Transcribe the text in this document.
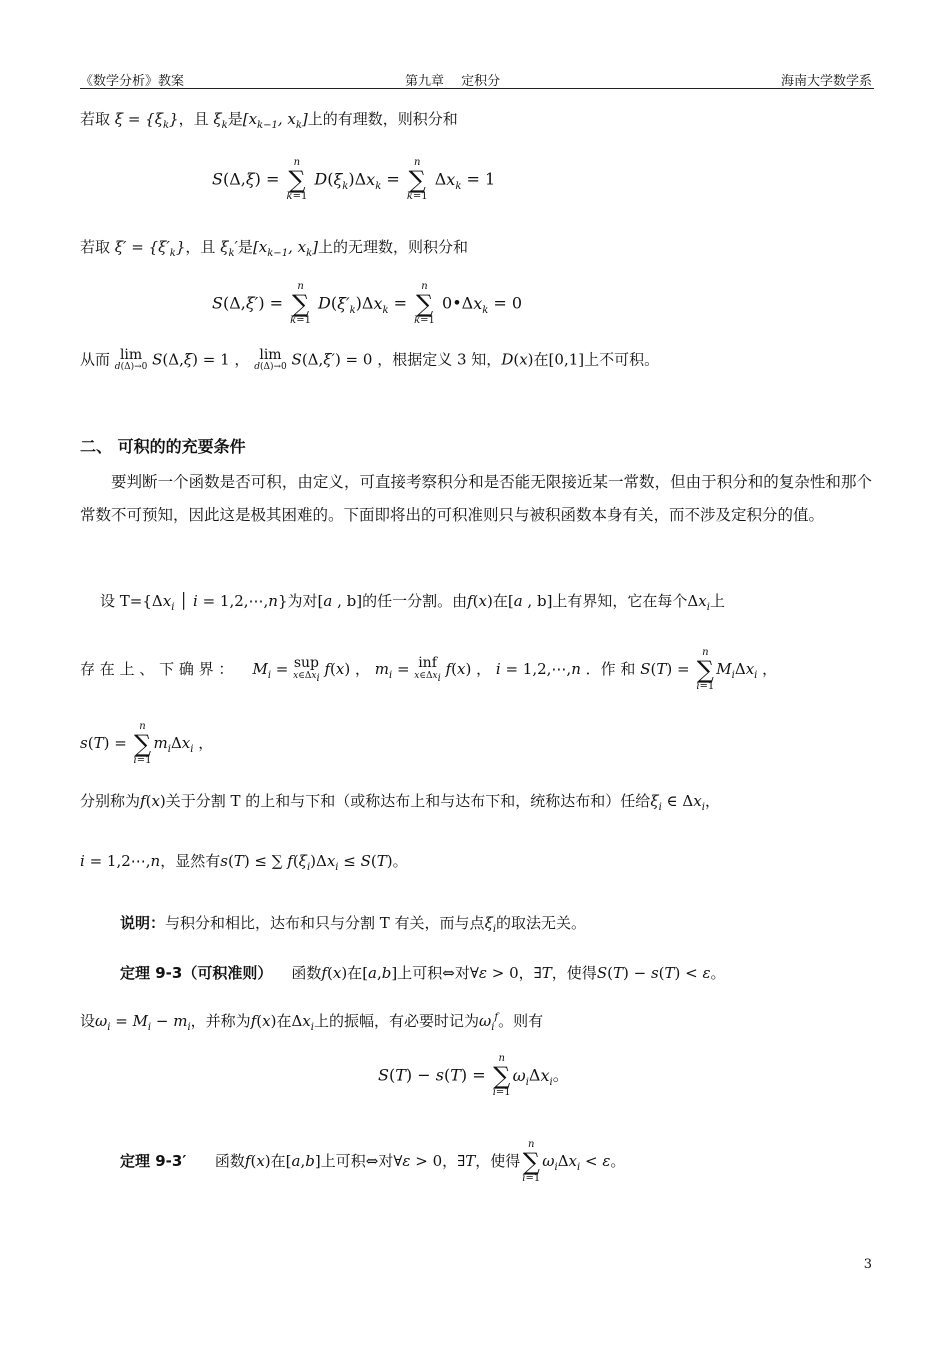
《数学分析》教案	第九章　 定积分	海南大学数学系
若取 $\xi = \{\xi_k\}$，且 $\xi_k$是[$x_{k-1}$, $x_k$]上的有理数，则积分和
S(Δ,ξ) =
n
∑
k=1
$D(\xi_k)\Delta x_k$ =
n
∑
k=1
$\Delta x_k = 1$
若取 $\xi' = \{\xi'_k\}$，且 $\xi_k'$是[$x_{k-1}$, $x_k$]上的无理数，则积分和
S(Δ,ξ′) =
n
∑
k=1
$D(\xi'_k)\Delta x_k$ =
n
∑
k=1
$0•\Delta x_k = 0$
从而 lim
d(Δ)→0 S(Δ,ξ) = 1 ， lim
d(Δ)→0 S(Δ,ξ′) = 0 ，根据定义 3 知，D(x)在[0,1]上不可积。
二、 可积的的充要条件
要判断一个函数是否可积，由定义，可直接考察积分和是否能无限接近某一常数，但由于积分和的复杂性和那个常数不可预知，因此这是极其困难的。下面即将出的可积准则只与被积函数本身有关，而不涉及定积分的值。
设 $T=\{\Delta x_i$ │ i = 1,2,⋯,n}为对[a , b]的任一分割。由f(x)在[a , b]上有界知，它在每个$\Delta x_i$上
存 在 上 、 下 确 界 ： $M_i$ = sup
$x\in\Delta x_i$
f(x) ， $m_i$ = inf
$x\in\Delta x_i$
f(x) ， i = 1,2,⋯,n ．作 和 S(T) =
n
∑
i=1
$M_i\Delta x_i$ ，
s(T) =
n
∑
i=1
$m_i\Delta x_i$ ，
分别称为f(x)关于分割 T 的上和与下和（或称达布上和与达布下和，统称达布和）任给$\xi_i$ ∈ $\Delta x_i$，
i = 1,2⋯,n，显然有s(T) ≤ ∑ $f(\xi_i)\Delta x_i \le S(T)$。
说明：与积分和相比，达布和只与分割 T 有关，而与点$\xi_i$的取法无关。
定理 9-3（可积准则） 函数f(x)在[a,b]上可积⇔对∀ε > 0，∃T，使得S(T) − s(T) < ε。
设$\omega_i = M_i - m_i$，并称为f(x)在$\Delta x_i$上的振幅，有必要时记为$\omega_i^f$。则有
S(T) − s(T) =
n
∑
i=1
$\omega_i\Delta x_i$。
定理 9-3′ 函数f(x)在[a,b]上可积⇔对∀ε > 0，∃T，使得
n
∑
i=1
$\omega_i\Delta x_i < \varepsilon$。
3
